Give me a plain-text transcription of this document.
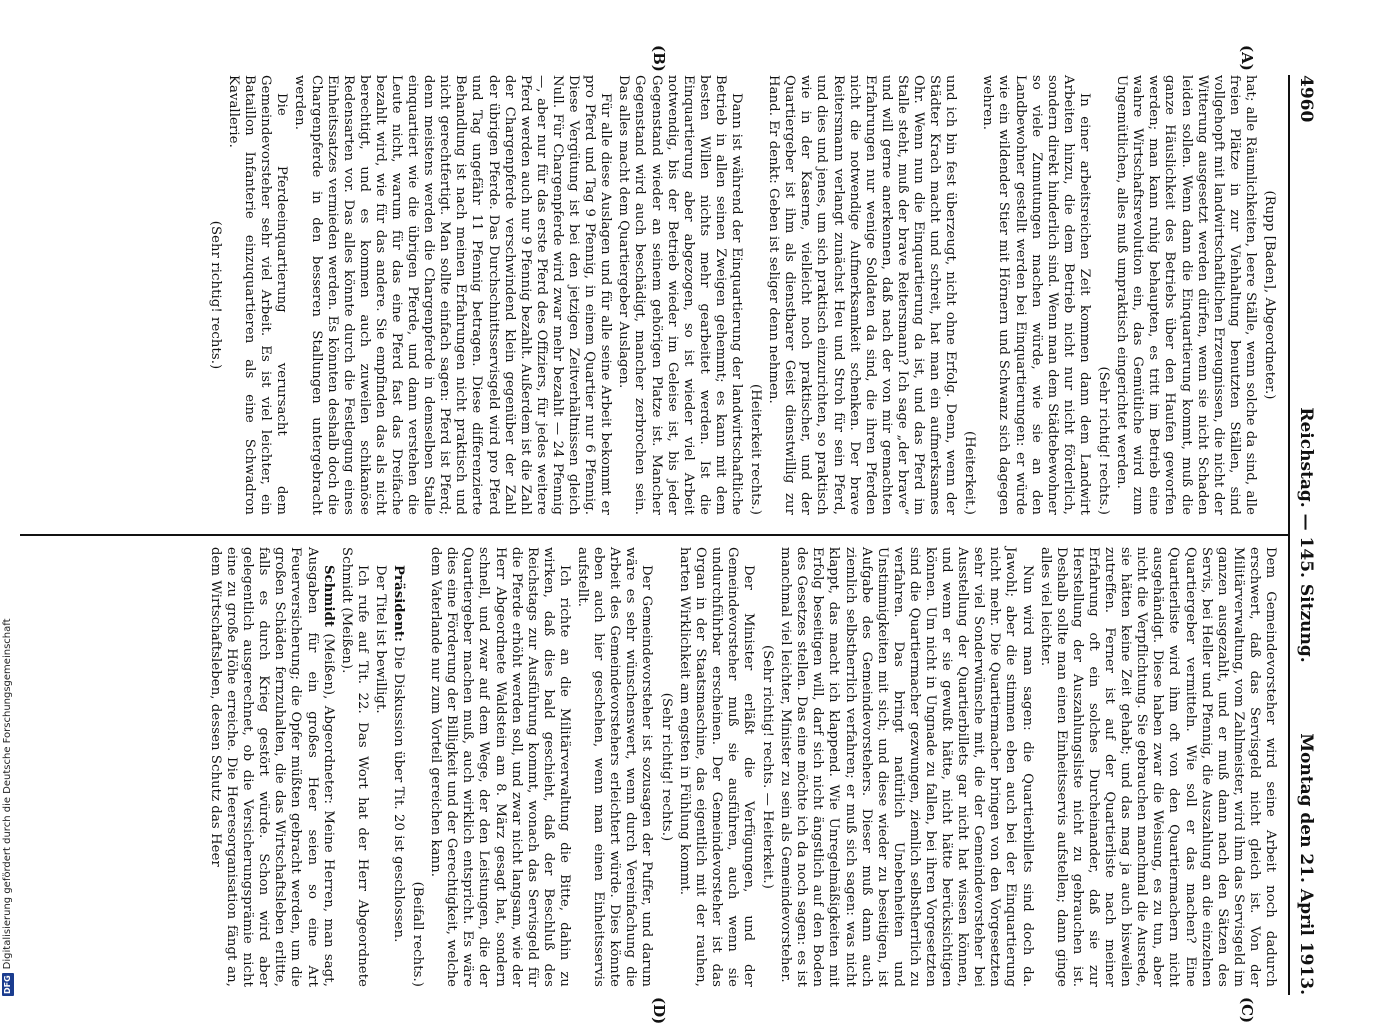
4960
Reichstag. — 145. Sitzung.
Montag den 21. April 1913.
(A)
(B)
(C)
(D)

(Rupp [Baden], Abgeordneter.)

hat; alle Räumlichkeiten, leere Ställe, wenn solche da sind, alle freien Plätze in zur Viehhaltung benutzten Ställen, sind vollgehopft mit landwirtschaftlichen Erzeugnissen, die nicht der Witterung ausgesetzt werden dürfen, wenn sie nicht Schaden leiden sollen. Wenn dann die Einquartierung kommt, muß die ganze Häuslichkeit des Betriebs über den Haufen geworfen werden; man kann ruhig behaupten, es tritt im Betrieb eine wahre Wirtschaftsrevolution ein, das Gemütliche wird zum Ungemütlichen, alles muß umpraktisch eingerichtet werden.

(Sehr richtig! rechts.)

In einer arbeitsreichen Zeit kommen dann dem Landwirt Arbeiten hinzu, die dem Betrieb nicht nur nicht förderlich, sondern direkt hinderlich sind. Wenn man dem Städtebewohner so viele Zumutungen machen würde, wie sie an den Landbewohner gestellt werden bei Einquartierungen: er würde wie ein wildender Stier mit Hörnern und Schwanz sich dagegen wehren.

(Heiterkeit.)

und ich bin fest überzeugt, nicht ohne Erfolg. Denn, wenn der Städter Krach macht und schreit, hat man ein aufmerksames Ohr. Wenn nun die Einquartierung da ist, und das Pferd im Stalle steht, muß der brave Reitersmann? Ich sage „der brave“ und will gerne anerkennen, daß nach der von mir gemachten Erfahrungen nur wenige Soldaten da sind, die ihren Pferden nicht die notwendige Aufmerksamkeit schenken. Der brave Reitersmann verlangt zunächst Heu und Stroh für sein Pferd, und dies und jenes, um sich praktisch einzurichten, so praktisch wie in der Kaserne, vielleicht noch praktischer, und der Quartiergeber ist ihm als dienstbarer Geist dienstwillig zur Hand. Er denkt: Geben ist seliger denn nehmen.

(Heiterkeit rechts.)

Dann ist während der Einquartierung der landwirtschaftliche Betrieb in allen seinen Zweigen gehemmt; es kann mit dem besten Willen nichts mehr gearbeitet werden. Ist die Einquartierung aber abgezogen, so ist wieder viel Arbeit notwendig, bis der Betrieb wieder im Geleise ist, bis jeder Gegenstand wieder an seinem gehörigen Platze ist. Mancher Gegenstand wird auch beschädigt, mancher zerbrochen sein. Das alles macht dem Quartiergeber Auslagen.

Für alle diese Auslagen und für alle seine Arbeit bekommt er pro Pferd und Tag 9 Pfennig, in einem Quartier nur 6 Pfennig. Diese Vergütung ist bei den jetzigen Zeitverhältnissen gleich Null. Für Chargenpferde wird zwar mehr bezahlt — 24 Pfennig —, aber nur für das erste Pferd des Offiziers, für jedes weitere Pferd werden auch nur 9 Pfennig bezahlt. Außerdem ist die Zahl der Chargenpferde verschwindend klein gegenüber der Zahl der übrigen Pferde. Das Durchschnittsservisgeld wird pro Pferd und Tag ungefähr 11 Pfennig betragen. Diese differenzierte Behandlung ist nach meinen Erfahrungen nicht praktisch und nicht gerechtfertigt. Man sollte einfach sagen: Pferd ist Pferd; denn meistens werden die Chargenpferde in demselben Stalle einquartiert wie die übrigen Pferde, und dann verstehen die Leute nicht, warum für das eine Pferd fast das Dreifache bezahlt wird, wie für das andere. Sie empfinden das als nicht berechtigt, und es kommen auch zuweilen schikanöse Redensarten vor. Das alles könnte durch die Festlegung eines Einheitssatzes vermieden werden. Es könnten deshalb doch die Chargenpferde in den besseren Stallungen untergebracht werden.

Die Pferdeeinquartierung verursacht dem Gemeindevorsteher sehr viel Arbeit. Es ist viel leichter, ein Bataillon Infanterie einzuquartieren als eine Schwadron Kavallerie.

(Sehr richtig! rechts.)

Dem Gemeindevorsteher wird seine Arbeit noch dadurch erschwert, daß das Servisgeld nicht gleich ist. Von der Militärverwaltung, vom Zahlmeister, wird ihm das Servisgeld im ganzen ausgezahlt, und er muß dann nach den Sätzen des Servis, bei Heller und Pfennig, die Auszahlung an die einzelnen Quartiergeber vermitteln. Wie soll er das machen? Eine Quartierliste wird ihm oft von den Quartiermachern nicht ausgehändigt. Diese haben zwar die Weisung, es zu tun, aber nicht die Verpflichtung. Sie gebrauchen manchmal die Ausrede, sie hätten keine Zeit gehabt; und das mag ja auch bisweilen zutreffen. Ferner ist auf der Quartierliste nach meiner Erfahrung oft ein solches Durcheinander, daß sie zur Herstellung der Auszahlungsliste nicht zu gebrauchen ist. Deshalb sollte man einen Einheitsservis aufstellen; dann ginge alles viel leichter.

Nun wird man sagen: die Quartierbillets sind doch da. Jawohl; aber die stimmen eben auch bei der Einquartierung nicht mehr. Die Quartiermacher bringen von den Vorgesetzten sehr viel Sonderwünsche mit, die der Gemeindevorsteher bei Ausstellung der Quartierbillets gar nicht hat wissen können, und wenn er sie gewußt hätte, nicht hätte berücksichtigen können. Um nicht in Ungnade zu fallen, bei ihren Vorgesetzten sind die Quartiermacher gezwungen, ziemlich selbstherrlich zu verfahren. Das bringt natürlich Unebenheiten und Unstimmigkeiten mit sich; und diese wieder zu beseitigen, ist Aufgabe des Gemeindevorstehers. Dieser muß dann auch ziemlich selbstherrlich verfahren; er muß sich sagen: was nicht klappt, das macht ich klappend. Wie Unregelmäßigkeiten mit Erfolg beseitigen will, darf sich nicht ängstlich auf den Boden des Gesetzes stellen. Das eine möchte ich da noch sagen: es ist manchmal viel leichter, Minister zu sein als Gemeindevorsteher.

(Sehr richtig! rechts. — Heiterkeit.)

Der Minister erläßt die Verfügungen, und der Gemeindevorsteher muß sie ausführen, auch wenn sie undurchführbar erscheinen. Der Gemeindevorsteher ist das Organ in der Staatsmaschine, das eigentlich mit der rauhen, harten Wirklichkeit am engsten in Fühlung kommt.

(Sehr richtig! rechts.)

Der Gemeindevorsteher ist sozusagen der Puffer, und darum wäre es sehr wünschenswert, wenn durch Vereinfachung die Arbeit des Gemeindevorstehers erleichtert würde. Dies könnte eben auch hier geschehen, wenn man einen Einheitsservis aufstellt.

Ich richte an die Militärverwaltung die Bitte, dahin zu wirken, daß dies bald geschieht, daß der Beschluß des Reichstags zur Ausführung kommt, wonach das Servisgeld für die Pferde erhöht werden soll, und zwar nicht langsam, wie der Herr Abgeordnete Waldstein am 8. März gesagt hat, sondern schnell, und zwar auf dem Wege, der den Leistungen, die der Quartiergeber machen muß, auch wirklich entspricht. Es wäre dies eine Förderung der Billigkeit und der Gerechtigkeit, welche dem Vaterlande nur zum Vorteil gereichen kann.

(Beifall rechts.)

Präsident: Die Diskussion über Tit. 20 ist geschlossen.

Der Titel ist bewilligt.

Ich rufe auf Tit. 22. Das Wort hat der Herr Abgeordnete Schmidt (Meißen).

Schmidt (Meißen), Abgeordneter: Meine Herren, man sagt, Ausgaben für ein großes Heer seien so eine Art Feuerversicherung; die Opfer müßten gebracht werden, um die großen Schäden fernzuhalten, die das Wirtschaftsleben erlitte, falls es durch Krieg gestört würde. Schon wird aber gelegentlich ausgerechnet, ob die Versicherungsprämie nicht eine zu große Höhe erreiche. Die Heeresorganisation fängt an, dem Wirtschaftsleben, dessen Schutz das Heer

DFG
Digitalisierung gefördert durch die Deutsche Forschungsgemeinschaft
